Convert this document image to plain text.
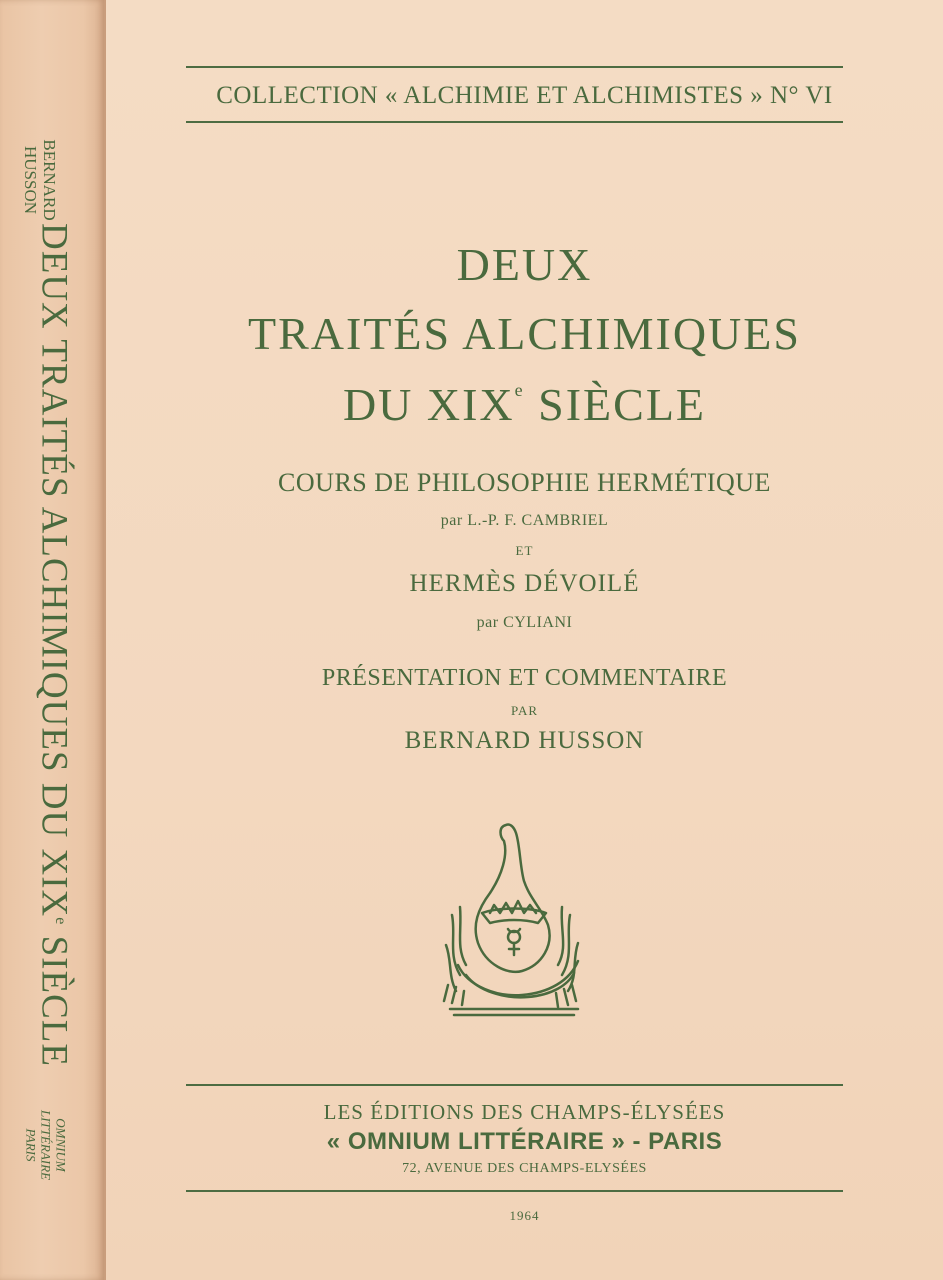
BERNARD
HUSSON
DEUX TRAITÉS ALCHIMIQUES DU XIXe SIÈCLE
OMNIUM
LITTÉRAIRE
PARIS
COLLECTION « ALCHIMIE ET ALCHIMISTES » N° VI
DEUX
TRAITÉS ALCHIMIQUES
DU XIXe SIÈCLE
COURS DE PHILOSOPHIE HERMÉTIQUE
par L.-P. F. CAMBRIEL
ET
HERMÈS DÉVOILÉ
par CYLIANI
PRÉSENTATION ET COMMENTAIRE
PAR
BERNARD HUSSON
LES ÉDITIONS DES CHAMPS-ÉLYSÉES
« OMNIUM LITTÉRAIRE » - PARIS
72, AVENUE DES CHAMPS-ELYSÉES
1964
